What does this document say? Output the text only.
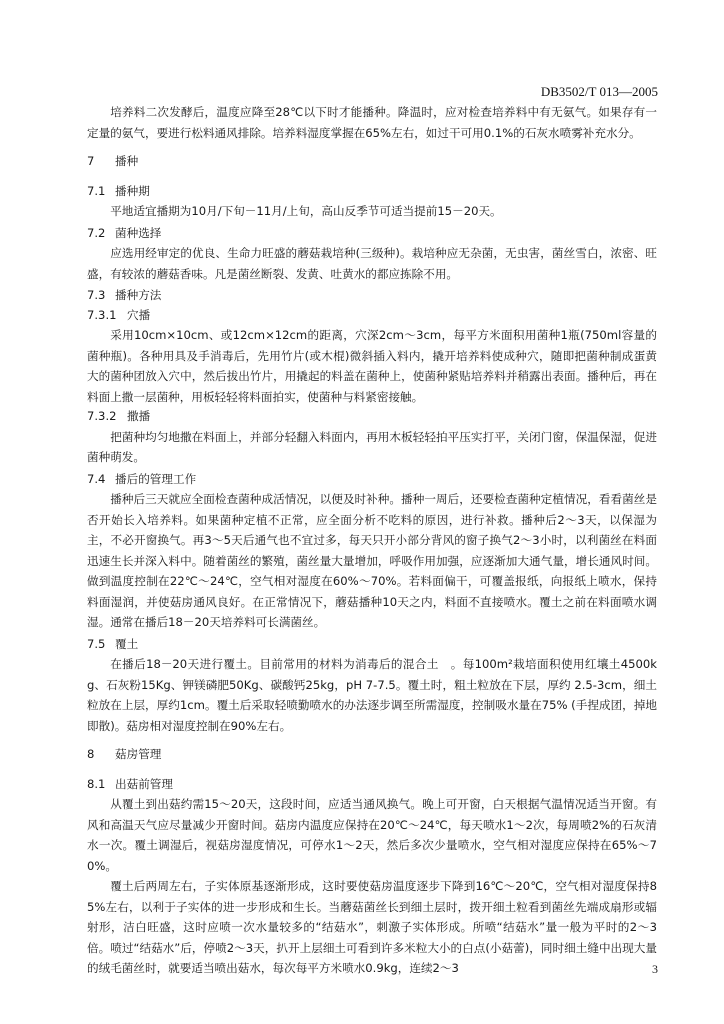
DB3502/T 013—2005

培养料二次发酵后，温度应降至28℃以下时才能播种。降温时，应对检查培养料中有无氨气。如果存有一定量的氨气，要进行松料通风排除。培养料湿度掌握在65%左右，如过干可用0.1%的石灰水喷雾补充水分。

7 播种
7.1 播种期

平地适宜播期为10月/下旬－11月/上旬，高山反季节可适当提前15－20天。

7.2 菌种选择

应选用经审定的优良、生命力旺盛的蘑菇栽培种(三级种)。栽培种应无杂菌，无虫害，菌丝雪白，浓密、旺盛，有较浓的蘑菇香味。凡是菌丝断裂、发黄、吐黄水的都应拣除不用。

7.3 播种方法
7.3.1 穴播

采用10cm×10cm、或12cm×12cm的距离，穴深2cm～3cm，每平方米面积用菌种1瓶(750ml容量的菌种瓶)。各种用具及手消毒后，先用竹片(或木棍)微斜插入料内，撬开培养料使成种穴，随即把菌种制成蛋黄大的菌种团放入穴中，然后拔出竹片，用撬起的料盖在菌种上，使菌种紧贴培养料并稍露出表面。播种后，再在料面上撒一层菌种，用板轻轻将料面拍实，使菌种与料紧密接触。

7.3.2 撒播

把菌种均匀地撒在料面上，并部分轻翻入料面内，再用木板轻轻拍平压实打平，关闭门窗，保温保湿，促进菌种萌发。

7.4 播后的管理工作

播种后三天就应全面检查菌种成活情况，以便及时补种。播种一周后，还要检查菌种定植情况，看看菌丝是否开始长入培养料。如果菌种定植不正常，应全面分析不吃料的原因，进行补救。播种后2～3天，以保湿为主，不必开窗换气。再3～5天后通气也不宜过多，每天只开小部分背风的窗子换气2～3小时，以利菌丝在料面迅速生长并深入料中。随着菌丝的繁殖，菌丝量大量增加，呼吸作用加强，应逐渐加大通气量，增长通风时间。做到温度控制在22℃～24℃，空气相对湿度在60%～70%。若料面偏干，可覆盖报纸，向报纸上喷水，保持料面湿润，并使菇房通风良好。在正常情况下，蘑菇播种10天之内，料面不直接喷水。覆土之前在料面喷水调湿。通常在播后18－20天培养料可长满菌丝。

7.5 覆土

在播后18－20天进行覆土。目前常用的材料为消毒后的混合土　。每100m²栽培面积使用红壤土4500kg、石灰粉15Kg、钾镁磷肥50Kg、碳酸钙25kg，pH 7-7.5。覆土时，粗土粒放在下层，厚约 2.5-3cm，细土粒放在上层，厚约1cm。覆土后采取轻喷勤喷水的办法逐步调至所需湿度，控制吸水量在75% (手捏成团，掉地即散)。菇房相对湿度控制在90%左右。

8 菇房管理
8.1 出菇前管理

从覆土到出菇约需15～20天，这段时间，应适当通风换气。晚上可开窗，白天根据气温情况适当开窗。有风和高温天气应尽量减少开窗时间。菇房内温度应保持在20℃～24℃，每天喷水1～2次，每周喷2%的石灰清水一次。覆土调湿后，视菇房湿度情况，可停水1～2天，然后多次少量喷水，空气相对湿度应保持在65%～70%。

覆土后两周左右，子实体原基逐渐形成，这时要使菇房温度逐步下降到16℃～20℃，空气相对湿度保持85%左右，以利于子实体的进一步形成和生长。当蘑菇菌丝长到细土层时，拨开细土粒看到菌丝先端成扇形或辐射形，洁白旺盛，这时应喷一次水量较多的“结菇水”，刺激子实体形成。所喷“结菇水”量一般为平时的2～3倍。喷过“结菇水”后，停喷2～3天，扒开上层细土可看到许多米粒大小的白点(小菇蕾)，同时细土缝中出现大量的绒毛菌丝时，就要适当喷出菇水，每次每平方米喷水0.9kg，连续2～3	3
